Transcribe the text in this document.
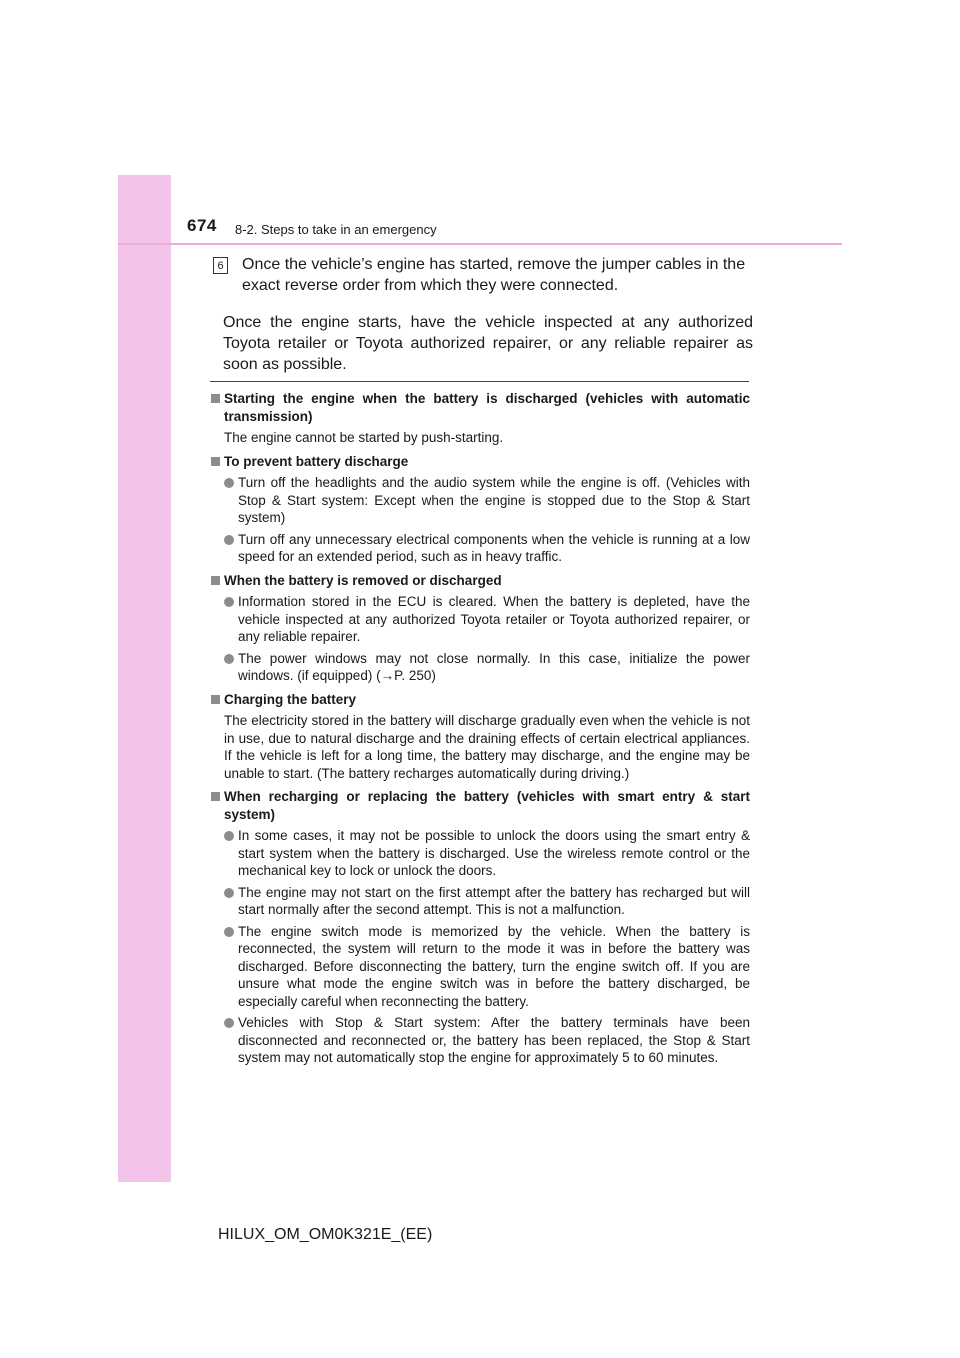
674 8-2. Steps to take in an emergency
6 Once the vehicle’s engine has started, remove the jumper cables in the exact reverse order from which they were connected.

Once the engine starts, have the vehicle inspected at any authorized Toyota retailer or Toyota authorized repairer, or any reliable repairer as soon as possible.

Starting the engine when the battery is discharged (vehicles with automatic transmission)
The engine cannot be started by push-starting.
To prevent battery discharge
Turn off the headlights and the audio system while the engine is off. (Vehicles with Stop & Start system: Except when the engine is stopped due to the Stop & Start system)
Turn off any unnecessary electrical components when the vehicle is running at a low speed for an extended period, such as in heavy traffic.
When the battery is removed or discharged
Information stored in the ECU is cleared. When the battery is depleted, have the vehicle inspected at any authorized Toyota retailer or Toyota authorized repairer, or any reliable repairer.
The power windows may not close normally. In this case, initialize the power windows. (if equipped) (→P. 250)
Charging the battery
The electricity stored in the battery will discharge gradually even when the vehicle is not in use, due to natural discharge and the draining effects of certain electrical appliances. If the vehicle is left for a long time, the battery may discharge, and the engine may be unable to start. (The battery recharges automatically during driving.)
When recharging or replacing the battery (vehicles with smart entry & start system)
In some cases, it may not be possible to unlock the doors using the smart entry & start system when the battery is discharged. Use the wireless remote control or the mechanical key to lock or unlock the doors.
The engine may not start on the first attempt after the battery has recharged but will start normally after the second attempt. This is not a malfunction.
The engine switch mode is memorized by the vehicle. When the battery is reconnected, the system will return to the mode it was in before the battery was discharged. Before disconnecting the battery, turn the engine switch off. If you are unsure what mode the engine switch was in before the battery discharged, be especially careful when reconnecting the battery.
Vehicles with Stop & Start system: After the battery terminals have been disconnected and reconnected or, the battery has been replaced, the Stop & Start system may not automatically stop the engine for approximately 5 to 60 minutes.
HILUX_OM_OM0K321E_(EE)
